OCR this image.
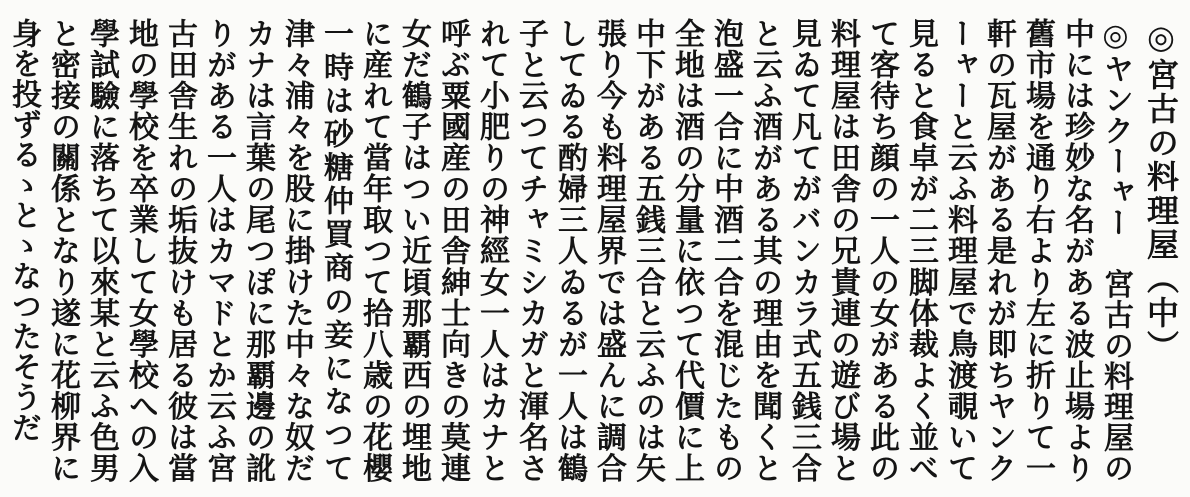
◎宮古の料理屋（中）
◎ヤンクーャー　宮古の料理屋の中には珍妙な名がある波止場より舊市場を通り右より左に折りて一軒の瓦屋がある是れが即ちヤンクーャーと云ふ料理屋で鳥渡覗いて見ると食卓が二三脚体裁よく並べて客待ち顔の一人の女がある此の料理屋は田舎の兄貴連の遊び場と見ゐて凡てがバンカラ式五銭三合と云ふ酒がある其の理由を聞くと泡盛一合に中酒二合を混じたもの全地は酒の分量に依つて代價に上中下がある五銭三合と云ふのは矢張り今も料理屋界では盛んに調合してゐる酌婦三人ゐるが一人は鶴子と云つてチャミシカガと渾名されて小肥りの神經女一人はカナと呼ぶ粟國産の田舎紳士向きの莫連女だ鶴子はつい近頃那覇西の埋地に産れて當年取つて拾八歳の花櫻一時は砂糖仲買商の妾になつて津々浦々を股に掛けた中々な奴だカナは言葉の尾つぽに那覇邊の訛りがある一人はカマドとか云ふ宮古田舎生れの垢抜けも居る彼は當地の學校を卒業して女學校への入學試驗に落ちて以來某と云ふ色男と密接の關係となり遂に花柳界に身を投ずるゝとゝなつたそうだ
